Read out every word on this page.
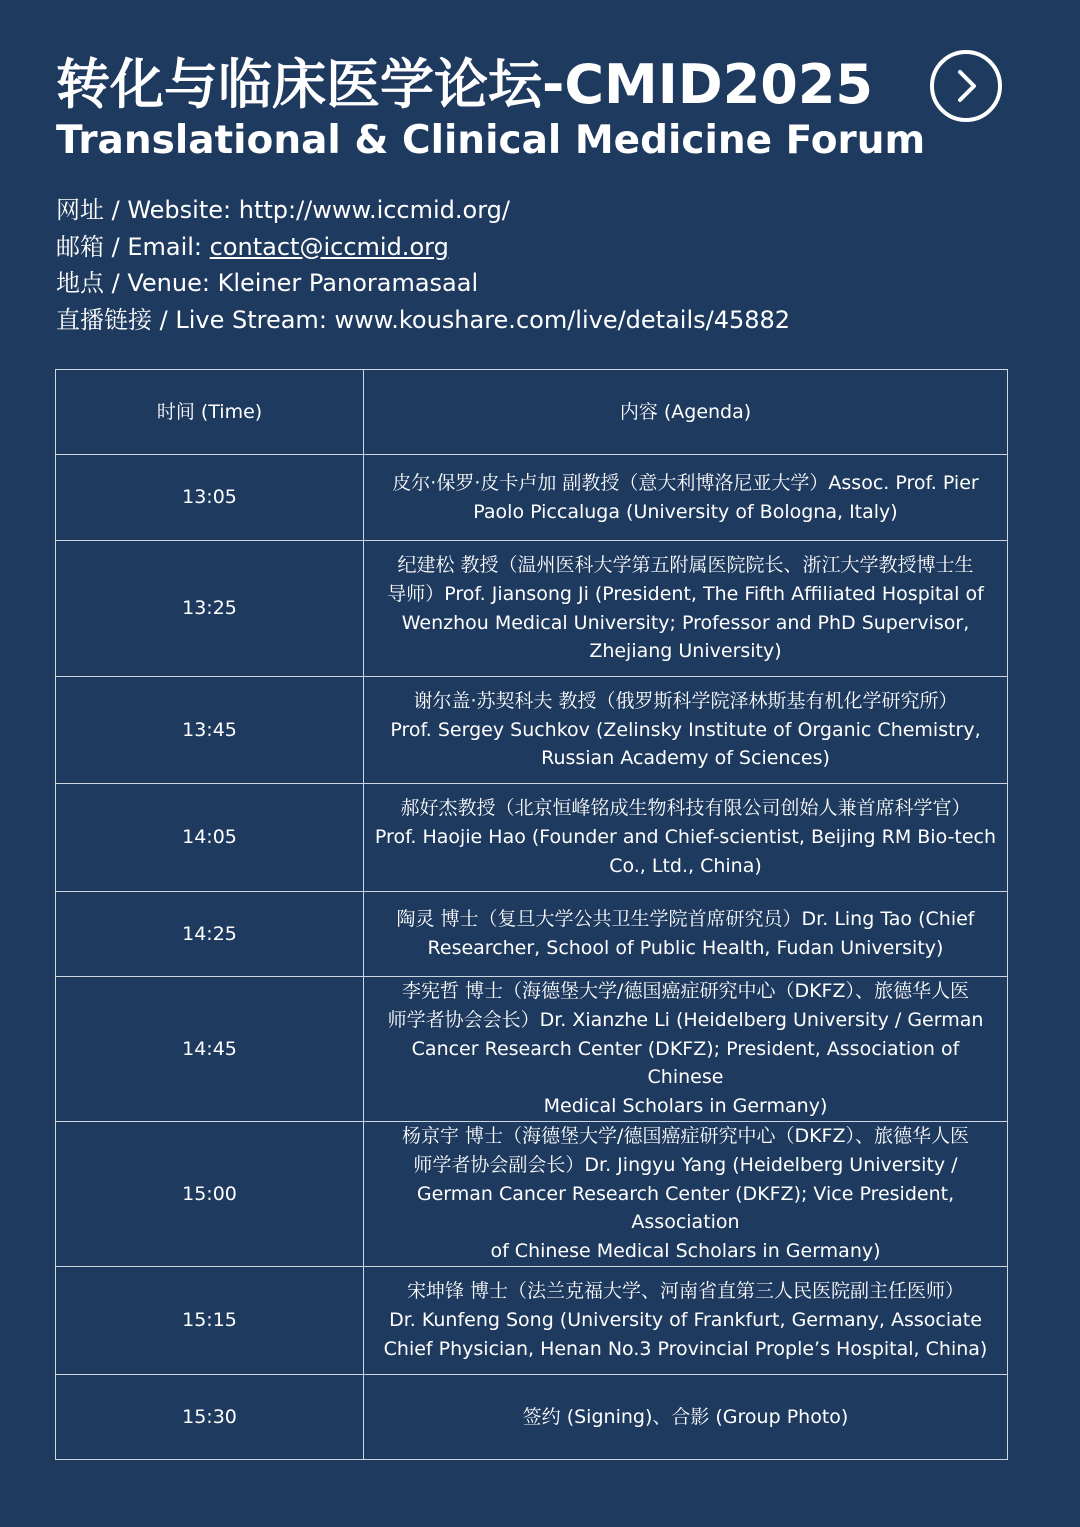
转化与临床医学论坛-CMID2025
Translational & Clinical Medicine Forum
网址 / Website: http://www.iccmid.org/
邮箱 / Email: contact@iccmid.org
地点 / Venue: Kleiner Panoramasaal
直播链接 / Live Stream: www.koushare.com/live/details/45882
时间 (Time)	内容 (Agenda)
13:05	皮尔·保罗·皮卡卢加 副教授（意大利博洛尼亚大学）Assoc. Prof. Pier
Paolo Piccaluga (University of Bologna, Italy)
13:25	纪建松 教授（温州医科大学第五附属医院院长、浙江大学教授博士生
导师）Prof. Jiansong Ji (President, The Fifth Affiliated Hospital of
Wenzhou Medical University; Professor and PhD Supervisor,
Zhejiang University)
13:45	谢尔盖·苏契科夫 教授（俄罗斯科学院泽林斯基有机化学研究所）
Prof. Sergey Suchkov (Zelinsky Institute of Organic Chemistry,
Russian Academy of Sciences)
14:05	郝好杰教授（北京恒峰铭成生物科技有限公司创始人兼首席科学官）
Prof. Haojie Hao (Founder and Chief-scientist, Beijing RM Bio-tech
Co., Ltd., China)
14:25	陶灵 博士（复旦大学公共卫生学院首席研究员）Dr. Ling Tao (Chief
Researcher, School of Public Health, Fudan University)
14:45	李宪哲 博士（海德堡大学/德国癌症研究中心（DKFZ）、旅德华人医
师学者协会会长）Dr. Xianzhe Li (Heidelberg University / German
Cancer Research Center (DKFZ); President, Association of Chinese
Medical Scholars in Germany)
15:00	杨京宇 博士（海德堡大学/德国癌症研究中心（DKFZ）、旅德华人医
师学者协会副会长）Dr. Jingyu Yang (Heidelberg University /
German Cancer Research Center (DKFZ); Vice President, Association
of Chinese Medical Scholars in Germany)
15:15	宋坤锋 博士（法兰克福大学、河南省直第三人民医院副主任医师）
Dr. Kunfeng Song (University of Frankfurt, Germany, Associate
Chief Physician, Henan No.3 Provincial Prople’s Hospital, China)
15:30	签约 (Signing)、合影 (Group Photo)
